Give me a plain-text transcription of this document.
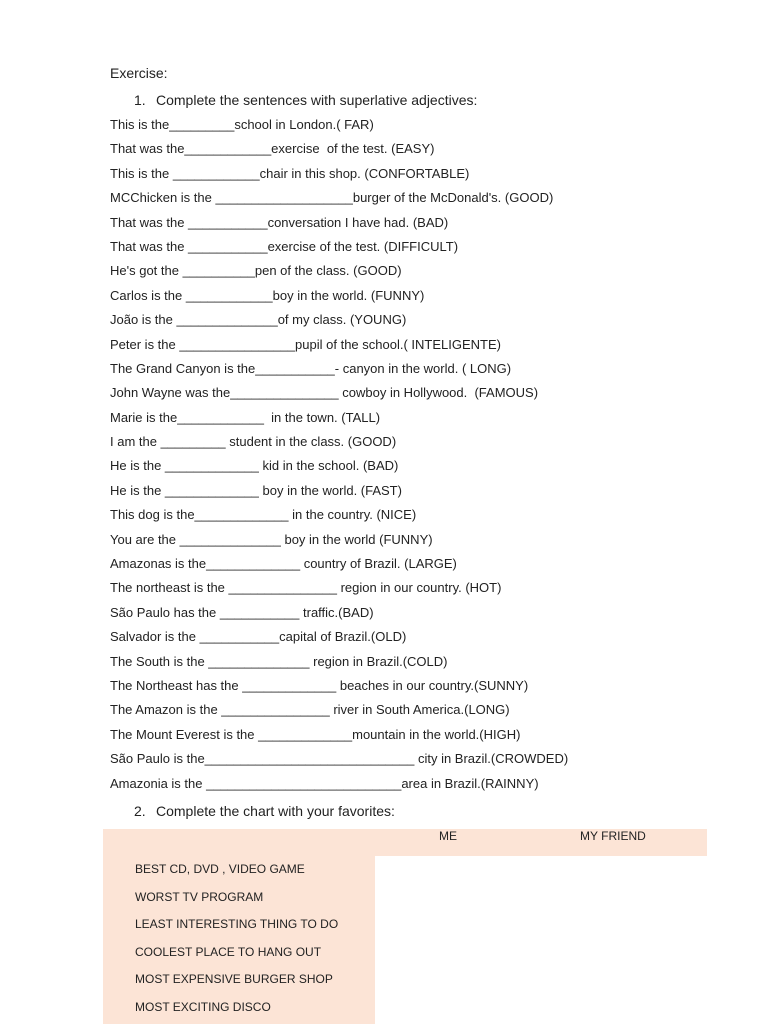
Exercise:
1. Complete the sentences with superlative adjectives:
This is the_________school in London.( FAR)
That was the____________exercise  of the test. (EASY)
This is the ____________chair in this shop. (CONFORTABLE)
MCChicken is the ___________________burger of the McDonald's. (GOOD)
That was the ___________conversation I have had. (BAD)
That was the ___________exercise of the test. (DIFFICULT)
He's got the __________pen of the class. (GOOD)
Carlos is the ____________boy in the world. (FUNNY)
João is the ______________of my class. (YOUNG)
Peter is the ________________pupil of the school.( INTELIGENTE)
The Grand Canyon is the___________- canyon in the world. ( LONG)
John Wayne was the_______________ cowboy in Hollywood.  (FAMOUS)
Marie is the____________  in the town. (TALL)
I am the _________ student in the class. (GOOD)
He is the _____________ kid in the school. (BAD)
He is the _____________ boy in the world. (FAST)
This dog is the_____________ in the country. (NICE)
You are the ______________ boy in the world (FUNNY)
Amazonas is the_____________ country of Brazil. (LARGE)
The northeast is the _______________ region in our country. (HOT)
São Paulo has the ___________ traffic.(BAD)
Salvador is the ___________capital of Brazil.(OLD)
The South is the ______________ region in Brazil.(COLD)
The Northeast has the _____________ beaches in our country.(SUNNY)
The Amazon is the _______________ river in South America.(LONG)
The Mount Everest is the _____________mountain in the world.(HIGH)
São Paulo is the_____________________________ city in Brazil.(CROWDED)
Amazonia is the ___________________________area in Brazil.(RAINNY)
2. Complete the chart with your favorites:
ME	MY FRIEND
BEST CD, DVD , VIDEO GAME
WORST TV PROGRAM
LEAST INTERESTING THING TO DO
COOLEST PLACE TO HANG OUT
MOST EXPENSIVE BURGER SHOP
MOST EXCITING DISCO
